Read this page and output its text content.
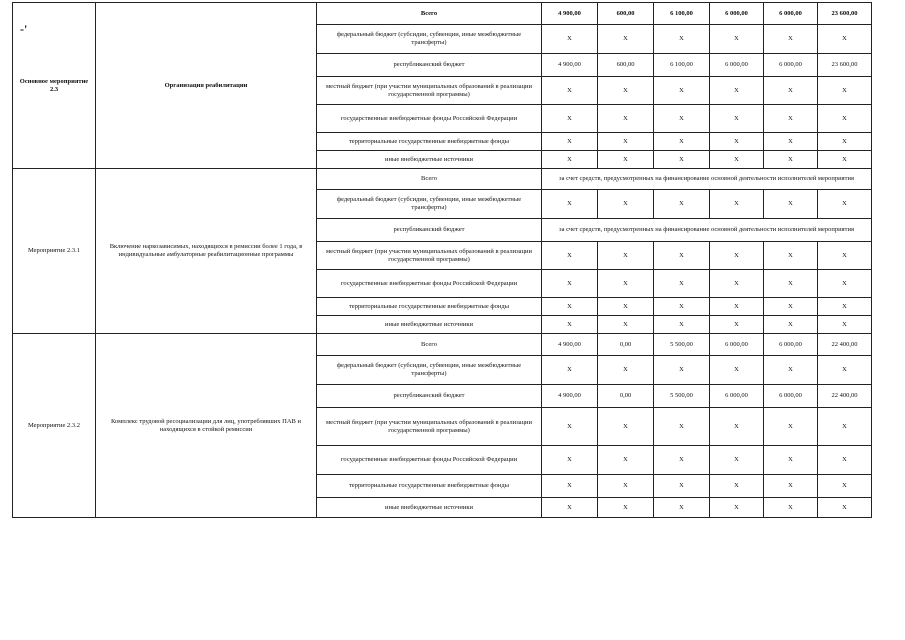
-'
Основное мероприятие 2.3	Организация реабилитации	Всего	4 900,00	600,00	6 100,00	6 000,00	6 000,00	23 600,00
		федеральный бюджет (субсидии, субвенции, иные межбюджетные трансферты)	X	X	X	X	X	X
		республиканский бюджет	4 900,00	600,00	6 100,00	6 000,00	6 000,00	23 600,00
		местный бюджет (при участии муниципальных образований в реализации государственной программы)	X	X	X	X	X	X
		государственные внебюджетные фонды Российской Федерации	X	X	X	X	X	X
		территориальные государственные внебюджетные фонды	X	X	X	X	X	X
		иные внебюджетные источники	X	X	X	X	X	X
Мероприятие 2.3.1	Включение наркозависимых, находящихся в ремиссии более 1 года, в индивидуальные амбулаторные реабилитационные программы	Всего	за счет средств, предусмотренных на финансирование основной деятельности исполнителей мероприятия					
		федеральный бюджет (субсидии, субвенции, иные межбюджетные трансферты)	X	X	X	X	X	X
		республиканский бюджет	за счет средств, предусмотренных на финансирование основной деятельности исполнителей мероприятия					
		местный бюджет (при участии муниципальных образований в реализации государственной программы)	X	X	X	X	X	X
		государственные внебюджетные фонды Российской Федерации	X	X	X	X	X	X
		территориальные государственные внебюджетные фонды	X	X	X	X	X	X
		иные внебюджетные источники	X	X	X	X	X	X
Мероприятие 2.3.2	Комплекс трудовой ресоциализации для лиц, употреблявших ПАВ и находящихся в стойкой ремиссии	Всего	4 900,00	0,00	5 500,00	6 000,00	6 000,00	22 400,00
		федеральный бюджет (субсидии, субвенции, иные межбюджетные трансферты)	X	X	X	X	X	X
		республиканский бюджет	4 900,00	0,00	5 500,00	6 000,00	6 000,00	22 400,00
		местный бюджет (при участии муниципальных образований в реализации государственной программы)	X	X	X	X	X	X
		государственные внебюджетные фонды Российской Федерации	X	X	X	X	X	X
		территориальные государственные внебюджетные фонды	X	X	X	X	X	X
		иные внебюджетные источники	X	X	X	X	X	X
